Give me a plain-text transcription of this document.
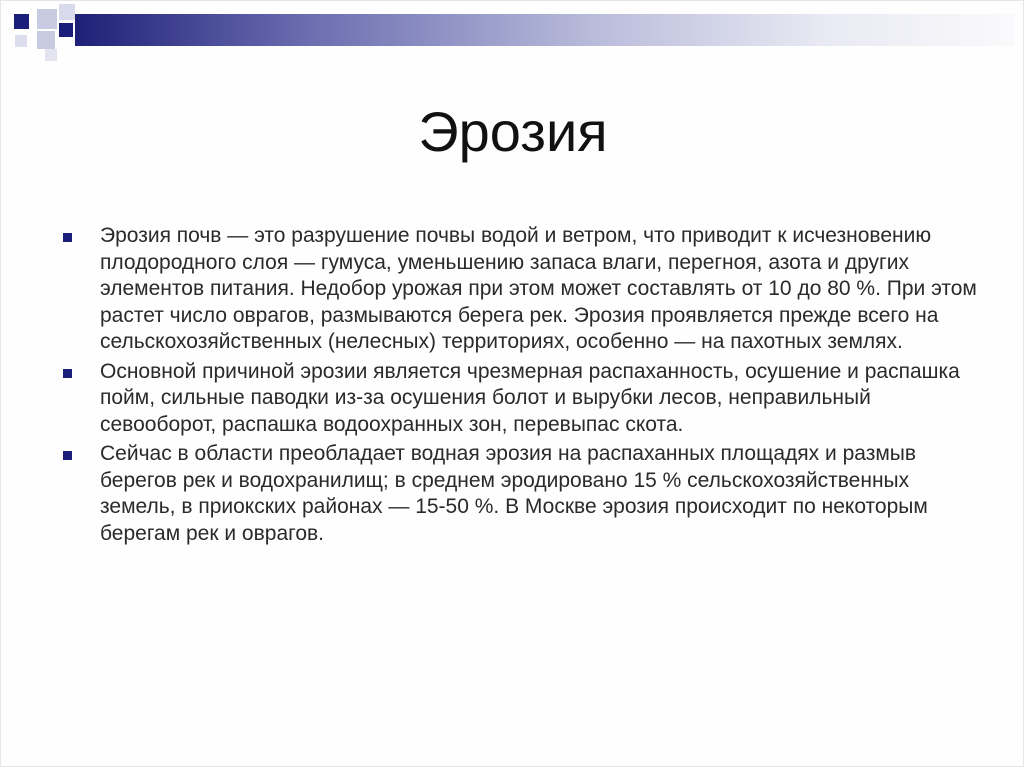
Эрозия
Эрозия почв — это разрушение почвы водой и ветром, что приводит к исчезновению плодородного слоя — гумуса, уменьшению запаса влаги, перегноя, азота и других элементов питания. Недобор урожая при этом может составлять от 10 до 80 %. При этом растет число оврагов, размываются берега рек. Эрозия проявляется прежде всего на сельскохозяйственных (нелесных) территориях, особенно — на пахотных землях.
Основной причиной эрозии является чрезмерная распаханность, осушение и распашка пойм, сильные паводки из-за осушения болот и вырубки лесов, неправильный севооборот, распашка водоохранных зон, перевыпас скота.
Сейчас в области преобладает водная эрозия на распаханных площадях и размыв берегов рек и водохранилищ; в среднем эродировано 15 % сельскохозяйственных земель, в приокских районах — 15-50 %. В Москве эрозия происходит по некоторым берегам рек и оврагов.
